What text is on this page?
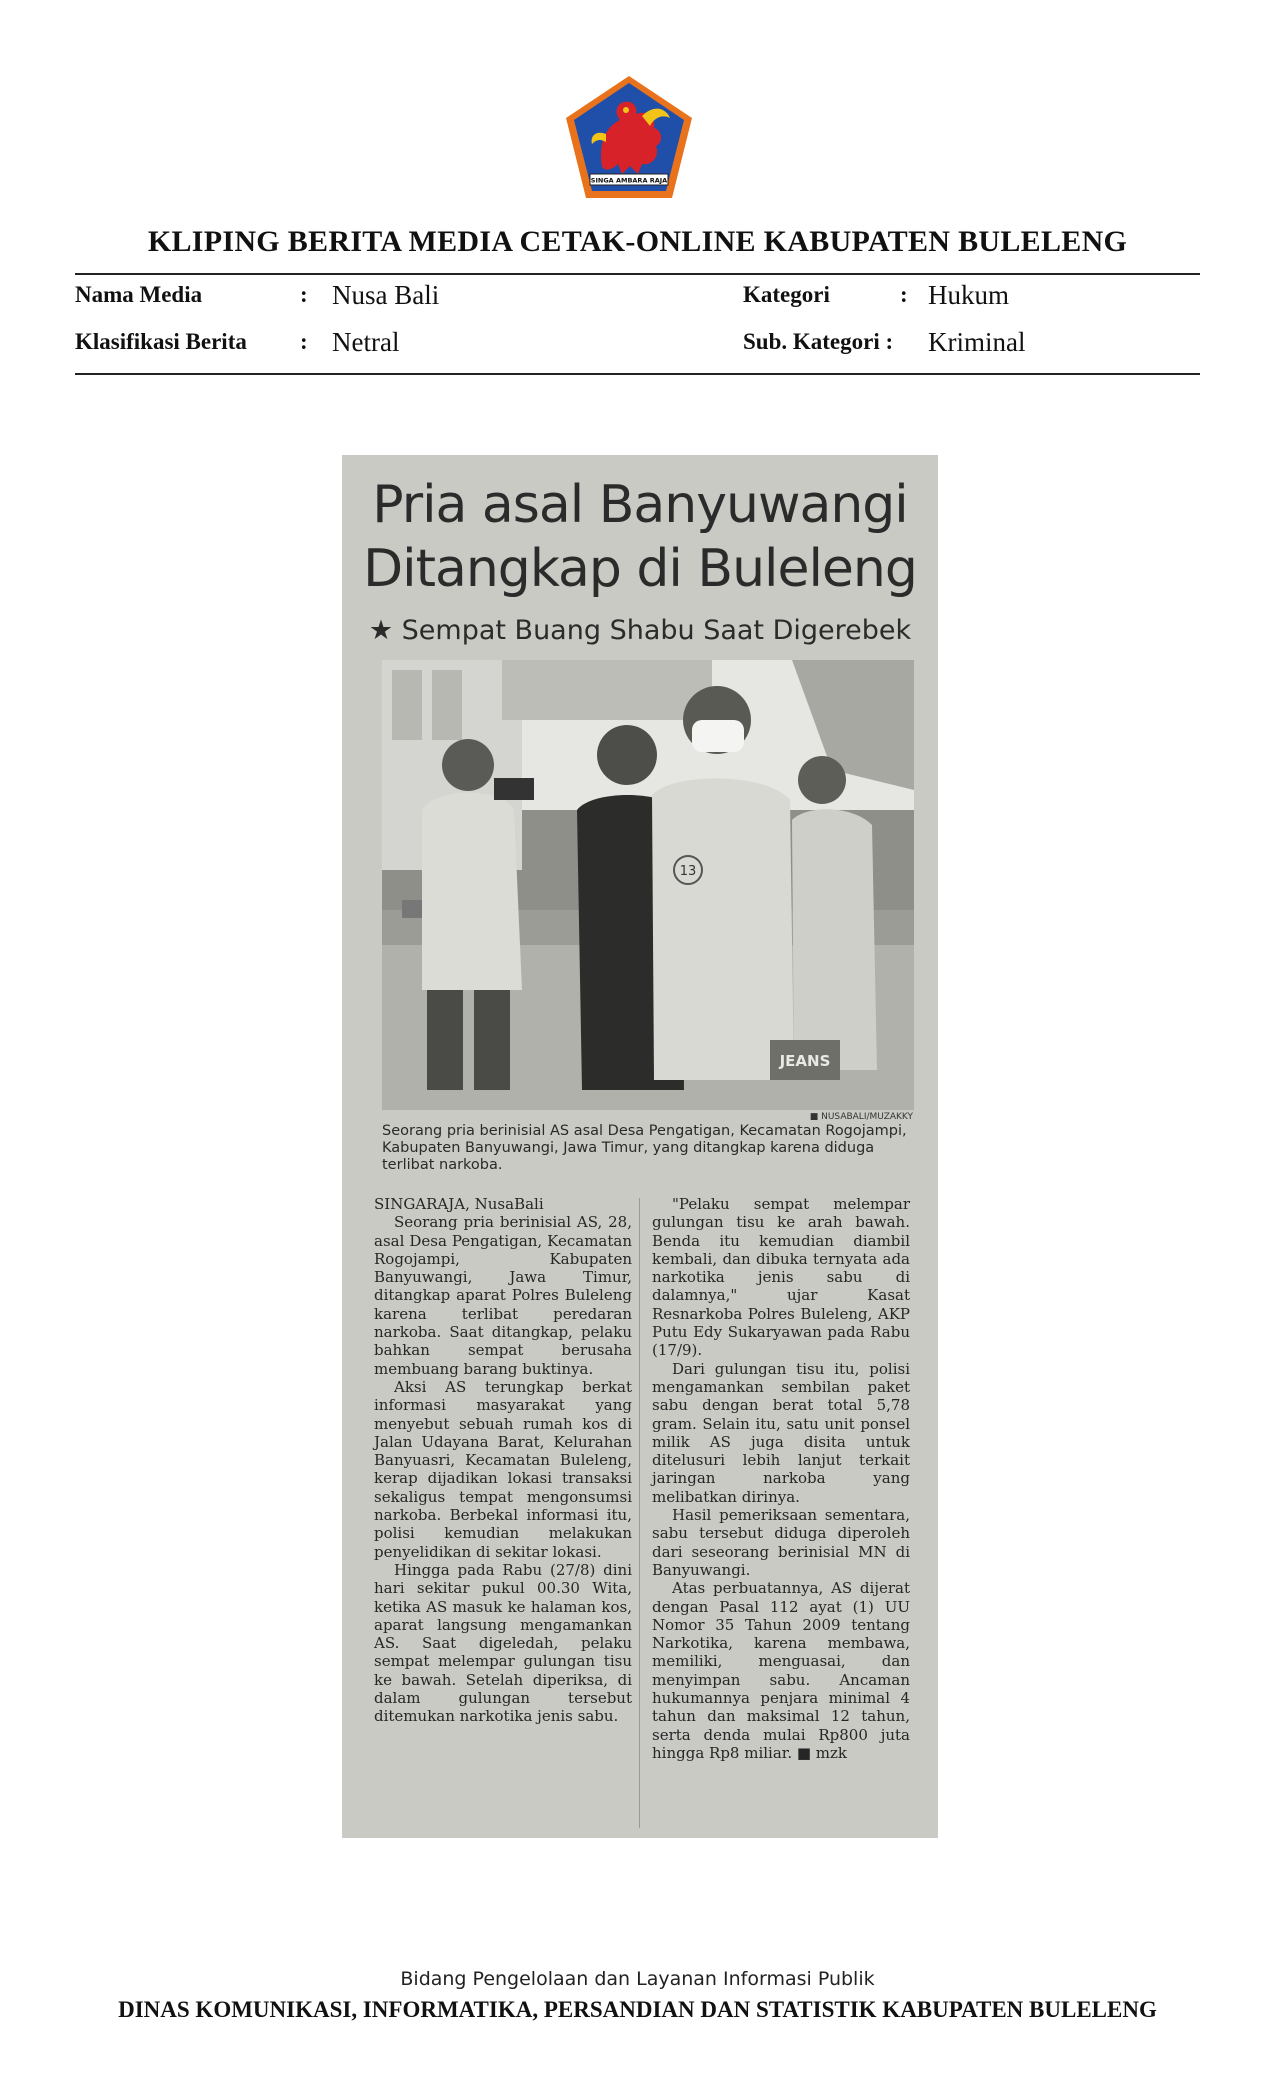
SINGA AMBARA RAJA
KLIPING BERITA MEDIA CETAK-ONLINE KABUPATEN BULELENG
Nama Media	: Nusa Bali	Kategori	: Hukum
Klasifikasi Berita : Netral	Sub. Kategori : Kriminal
Pria asal Banyuwangi
Ditangkap di Buleleng
★ Sempat Buang Shabu Saat Digerebek
13
JEANS
■ NUSABALI/MUZAKKY
Seorang pria berinisial AS asal Desa Pengatigan, Kecamatan Rogojampi, Kabupaten Banyuwangi, Jawa Timur, yang ditangkap karena diduga terlibat narkoba.

SINGARAJA, NusaBali

Seorang pria berinisial AS, 28, asal Desa Pengatigan, Kecamatan Rogojampi, Kabupaten Banyuwangi, Jawa Timur, ditangkap aparat Polres Buleleng karena terlibat peredaran narkoba. Saat ditangkap, pelaku bahkan sempat berusaha membuang barang buktinya.

Aksi AS terungkap berkat informasi masyarakat yang menyebut sebuah rumah kos di Jalan Udayana Barat, Kelurahan Banyuasri, Kecamatan Buleleng, kerap dijadikan lokasi transaksi sekaligus tempat mengonsumsi narkoba. Berbekal informasi itu, polisi kemudian melakukan penyelidikan di sekitar lokasi.

Hingga pada Rabu (27/8) dini hari sekitar pukul 00.30 Wita, ketika AS masuk ke halaman kos, aparat langsung mengamankan AS. Saat digeledah, pelaku sempat melempar gulungan tisu ke bawah. Setelah diperiksa, di dalam gulungan tersebut ditemukan narkotika jenis sabu.

"Pelaku sempat melempar gulungan tisu ke arah bawah. Benda itu kemudian diambil kembali, dan dibuka ternyata ada narkotika jenis sabu di dalamnya," ujar Kasat Resnarkoba Polres Buleleng, AKP Putu Edy Sukaryawan pada Rabu (17/9).

Dari gulungan tisu itu, polisi mengamankan sembilan paket sabu dengan berat total 5,78 gram. Selain itu, satu unit ponsel milik AS juga disita untuk ditelusuri lebih lanjut terkait jaringan narkoba yang melibatkan dirinya.

Hasil pemeriksaan sementara, sabu tersebut diduga diperoleh dari seseorang berinisial MN di Banyuwangi.

Atas perbuatannya, AS dijerat dengan Pasal 112 ayat (1) UU Nomor 35 Tahun 2009 tentang Narkotika, karena membawa, memiliki, menguasai, dan menyimpan sabu. Ancaman hukumannya penjara minimal 4 tahun dan maksimal 12 tahun, serta denda mulai Rp800 juta hingga Rp8 miliar. ■ mzk

Bidang Pengelolaan dan Layanan Informasi Publik
DINAS KOMUNIKASI, INFORMATIKA, PERSANDIAN DAN STATISTIK KABUPATEN BULELENG
